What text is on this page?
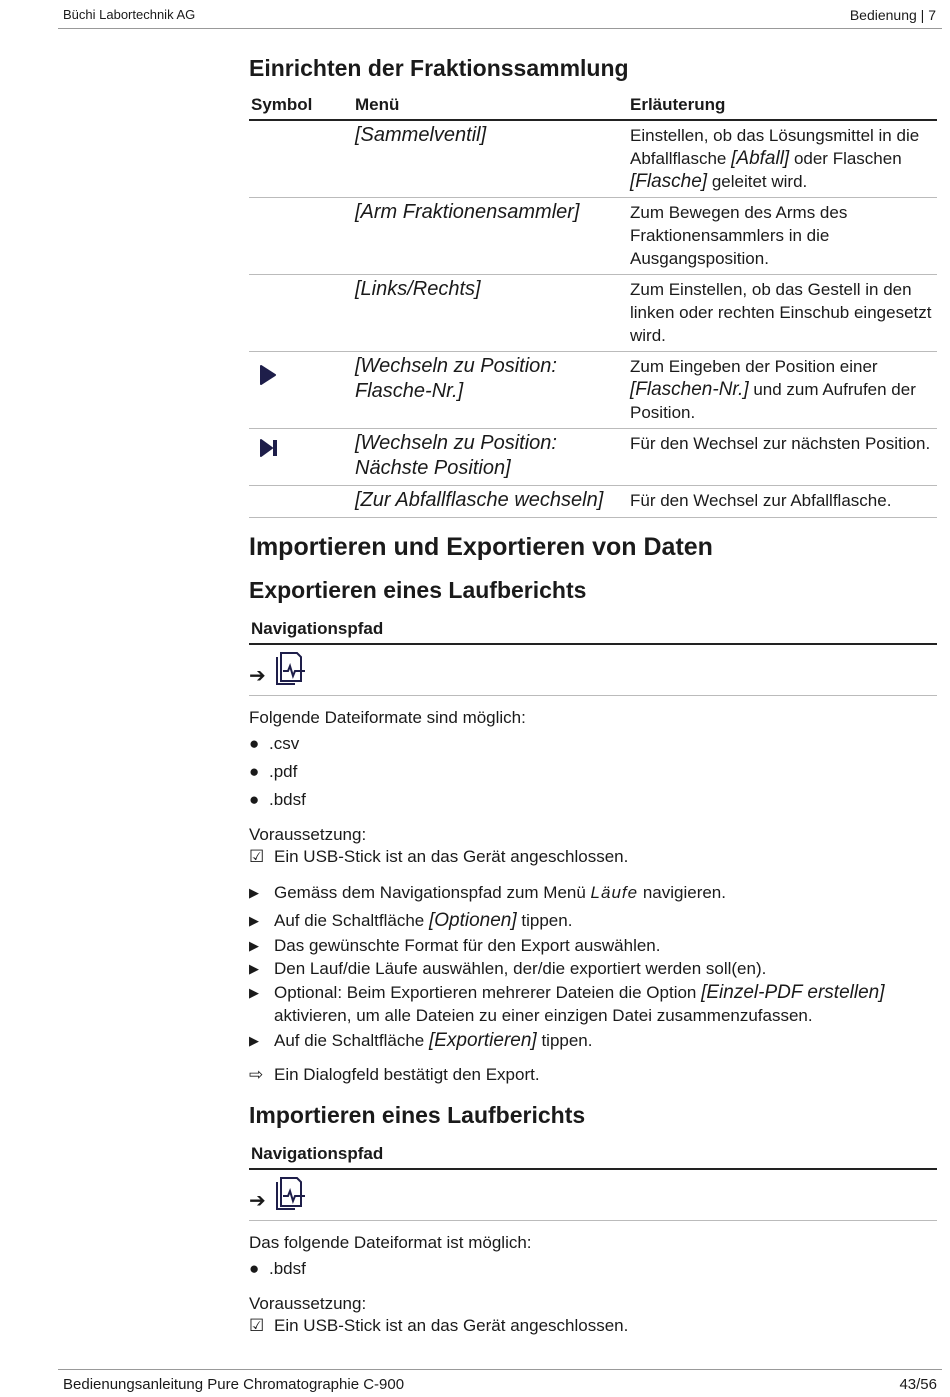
Büchi Labortechnik AG	Bedienung | 7
Einrichten der Fraktionssammlung
Symbol	Menü	Erläuterung
	[Sammelventil]	Einstellen, ob das Lösungsmittel in die Abfallflasche [Abfall] oder Flaschen [Flasche] geleitet wird.
	[Arm Fraktionensammler]	Zum Bewegen des Arms des Fraktionensammlers in die Ausgangsposition.
	[Links/Rechts]	Zum Einstellen, ob das Gestell in den linken oder rechten Einschub eingesetzt wird.
	[Wechseln zu Position: Flasche-Nr.]	Zum Eingeben der Position einer [Flaschen-Nr.] und zum Aufrufen der Position.
	[Wechseln zu Position: Nächste Position]	Für den Wechsel zur nächsten Position.
	[Zur Abfallflasche wechseln]	Für den Wechsel zur Abfallflasche.
Importieren und Exportieren von Daten
Exportieren eines Laufberichts
Navigationspfad
➔
Folgende Dateiformate sind möglich:
● .csv
● .pdf
● .bdsf
Voraussetzung:
☑ Ein USB-Stick ist an das Gerät angeschlossen.
▶ Gemäss dem Navigationspfad zum Menü Läufe navigieren.
▶ Auf die Schaltfläche [Optionen] tippen.
▶ Das gewünschte Format für den Export auswählen.
▶ Den Lauf/die Läufe auswählen, der/die exportiert werden soll(en).
▶ Optional: Beim Exportieren mehrerer Dateien die Option [Einzel-PDF erstellen] aktivieren, um alle Dateien zu einer einzigen Datei zusammenzufassen.
▶ Auf die Schaltfläche [Exportieren] tippen.
⇨ Ein Dialogfeld bestätigt den Export.
Importieren eines Laufberichts
Navigationspfad
➔
Das folgende Dateiformat ist möglich:
● .bdsf
Voraussetzung:
☑ Ein USB-Stick ist an das Gerät angeschlossen.
Bedienungsanleitung Pure Chromatographie C-900	43/56
